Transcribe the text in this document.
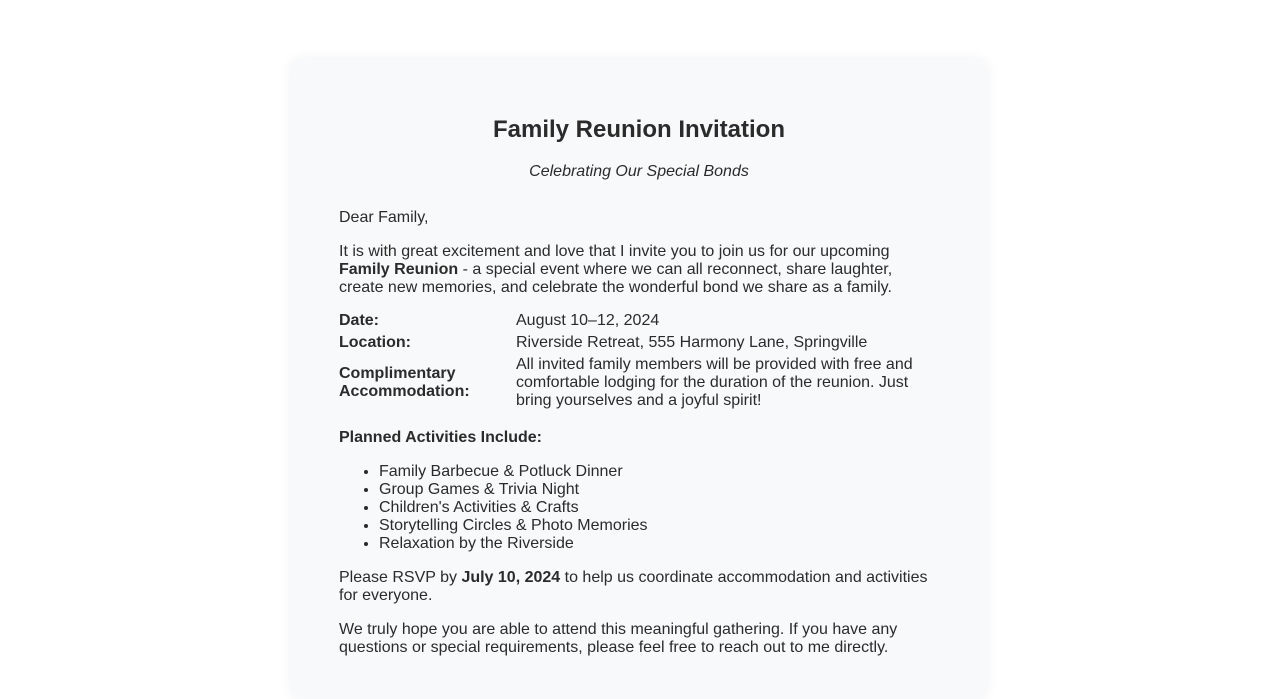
Family Reunion Invitation
Celebrating Our Special Bonds

Dear Family,

It is with great excitement and love that I invite you to join us for our upcoming Family Reunion - a special event where we can all reconnect, share laughter, create new memories, and celebrate the wonderful bond we share as a family.

Date:	August 10–12, 2024
Location:	Riverside Retreat, 555 Harmony Lane, Springville
Complimentary Accommodation:	All invited family members will be provided with free and comfortable lodging for the duration of the reunion. Just bring yourselves and a joyful spirit!

Planned Activities Include:

• Family Barbecue & Potluck Dinner
• Group Games & Trivia Night
• Children's Activities & Crafts
• Storytelling Circles & Photo Memories
• Relaxation by the Riverside

Please RSVP by July 10, 2024 to help us coordinate accommodation and activities for everyone.

We truly hope you are able to attend this meaningful gathering. If you have any questions or special requirements, please feel free to reach out to me directly.
